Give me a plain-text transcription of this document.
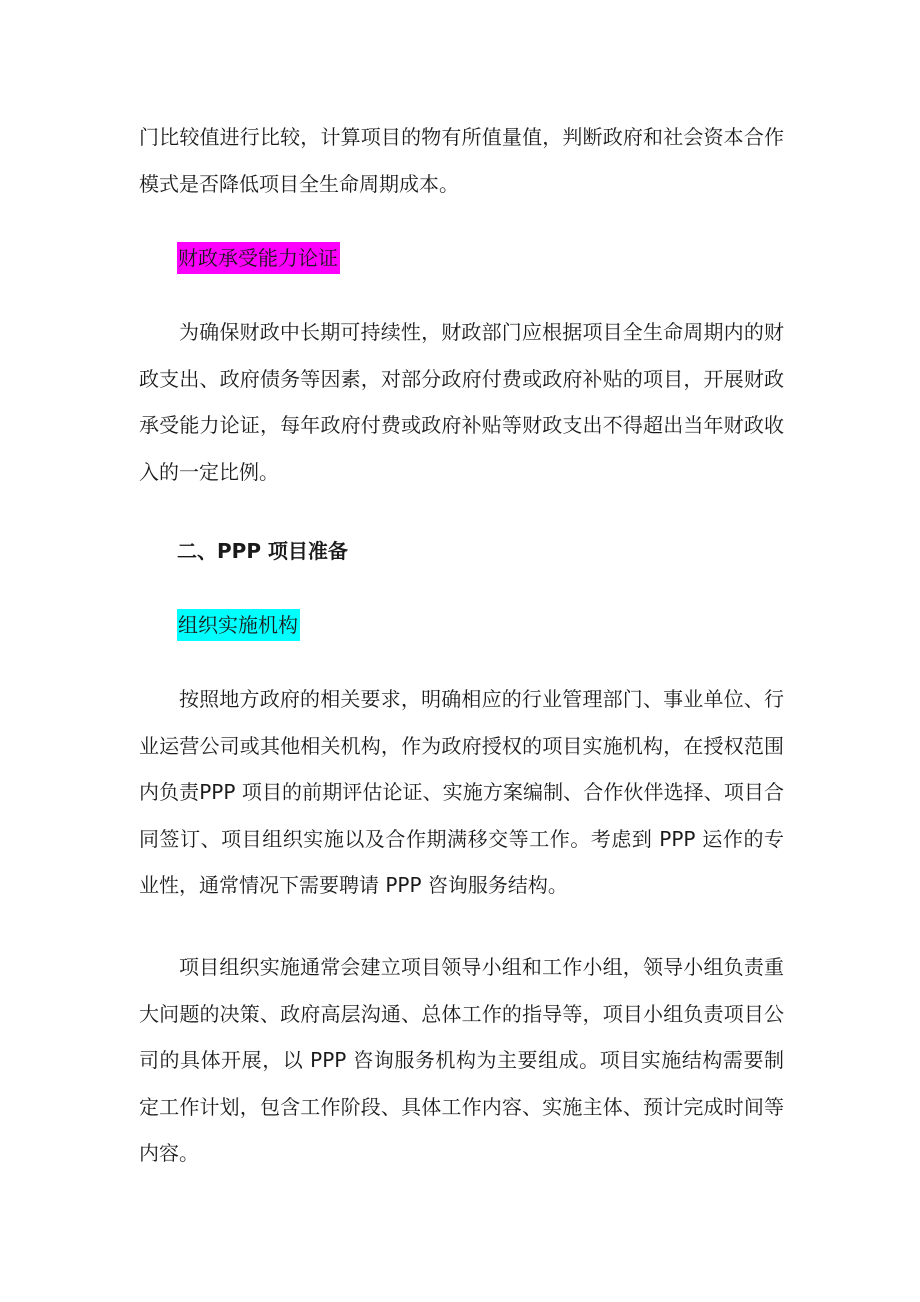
门比较值进行比较，计算项目的物有所值量值，判断政府和社会资本合作模式是否降低项目全生命周期成本。

财政承受能力论证

为确保财政中长期可持续性，财政部门应根据项目全生命周期内的财政支出、政府债务等因素，对部分政府付费或政府补贴的项目，开展财政承受能力论证，每年政府付费或政府补贴等财政支出不得超出当年财政收入的一定比例。

二、PPP 项目准备

组织实施机构

按照地方政府的相关要求，明确相应的行业管理部门、事业单位、行业运营公司或其他相关机构，作为政府授权的项目实施机构，在授权范围内负责PPP 项目的前期评估论证、实施方案编制、合作伙伴选择、项目合同签订、项目组织实施以及合作期满移交等工作。考虑到 PPP 运作的专业性，通常情况下需要聘请 PPP 咨询服务结构。

项目组织实施通常会建立项目领导小组和工作小组，领导小组负责重大问题的决策、政府高层沟通、总体工作的指导等，项目小组负责项目公司的具体开展，以 PPP 咨询服务机构为主要组成。项目实施结构需要制定工作计划，包含工作阶段、具体工作内容、实施主体、预计完成时间等内容。
